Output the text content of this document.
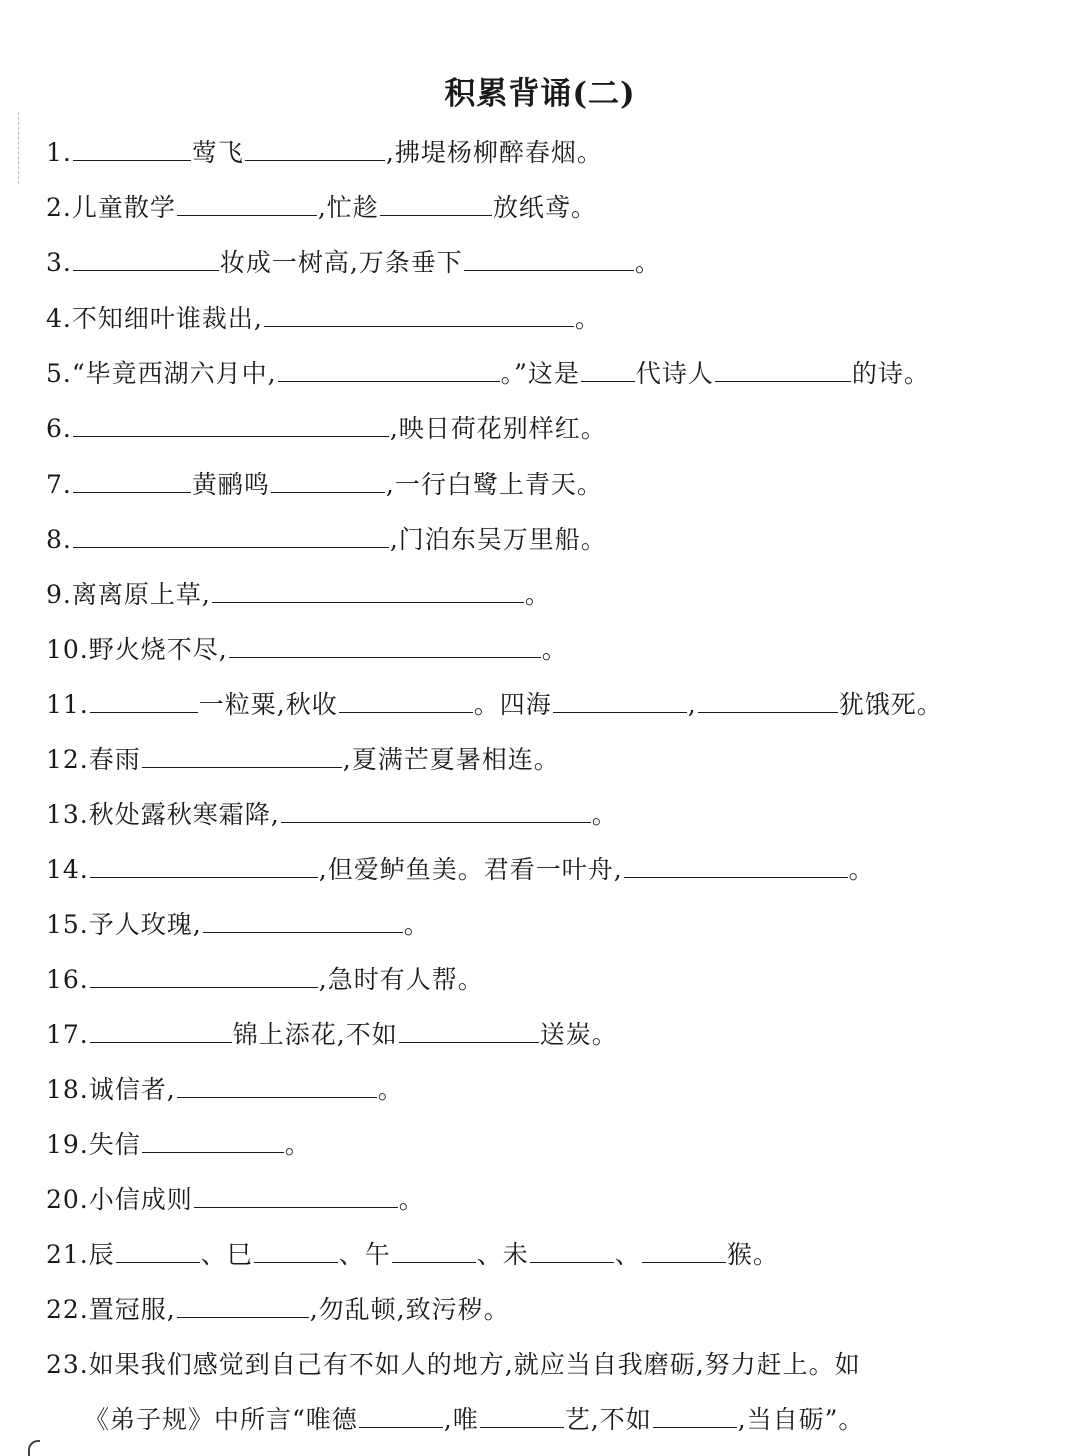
积累背诵(二)
1.	莺飞	,拂堤杨柳醉春烟。
2.儿童散学	,忙趁	放纸鸢。
3.	妆成一树高,万条垂下	。
4.不知细叶谁裁出,	。
5.“毕竟西湖六月中,	。”这是 代诗人	的诗。
6.	,映日荷花别样红。
7.	黄鹂鸣	,一行白鹭上青天。
8.	,门泊东吴万里船。
9.离离原上草,	。
10.野火烧不尽,	。
11.	一粒粟,秋收	。四海	,	犹饿死。
12.春雨	,夏满芒夏暑相连。
13.秋处露秋寒霜降,	。
14.	,但爱鲈鱼美。君看一叶舟,	。
15.予人玫瑰,	。
16.	,急时有人帮。
17.	锦上添花,不如	送炭。
18.诚信者,	。
19.失信	。
20.小信成则	。
21.辰	、巳	、午	、未	、	猴。
22.置冠服,	,勿乱顿,致污秽。
23.如果我们感觉到自己有不如人的地方,就应当自我磨砺,努力赶上。如
《弟子规》中所言“唯德	,唯	艺,不如	,当自砺”。
